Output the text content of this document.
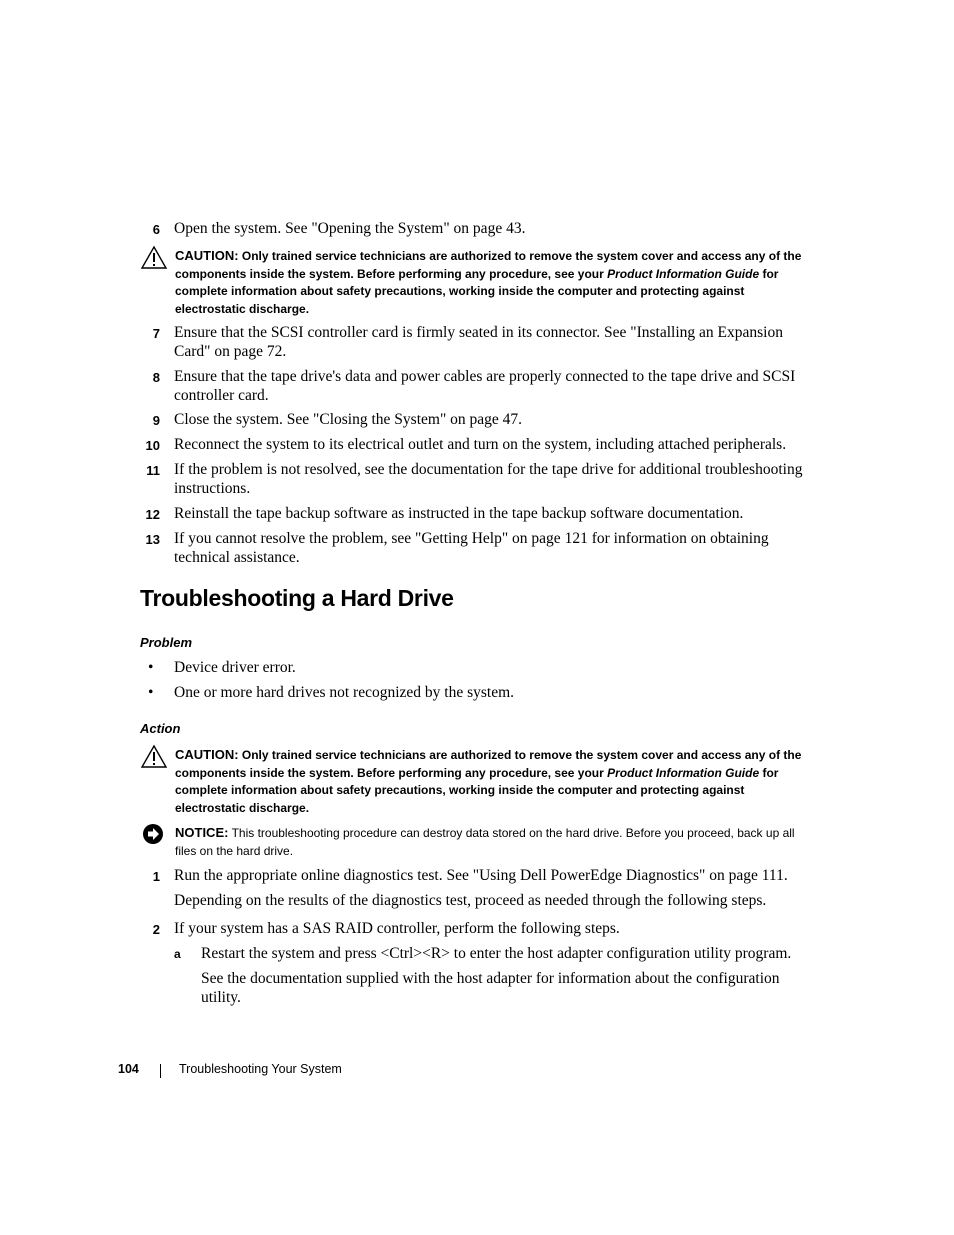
6 Open the system. See "Opening the System" on page 43.
CAUTION: Only trained service technicians are authorized to remove the system cover and access any of the components inside the system. Before performing any procedure, see your Product Information Guide for complete information about safety precautions, working inside the computer and protecting against electrostatic discharge.
7 Ensure that the SCSI controller card is firmly seated in its connector. See "Installing an Expansion Card" on page 72.
8 Ensure that the tape drive's data and power cables are properly connected to the tape drive and SCSI controller card.
9 Close the system. See "Closing the System" on page 47.
10 Reconnect the system to its electrical outlet and turn on the system, including attached peripherals.
11 If the problem is not resolved, see the documentation for the tape drive for additional troubleshooting instructions.
12 Reinstall the tape backup software as instructed in the tape backup software documentation.
13 If you cannot resolve the problem, see "Getting Help" on page 121 for information on obtaining technical assistance.
Troubleshooting a Hard Drive
Problem
• Device driver error.
• One or more hard drives not recognized by the system.
Action
CAUTION: Only trained service technicians are authorized to remove the system cover and access any of the components inside the system. Before performing any procedure, see your Product Information Guide for complete information about safety precautions, working inside the computer and protecting against electrostatic discharge.
NOTICE: This troubleshooting procedure can destroy data stored on the hard drive. Before you proceed, back up all files on the hard drive.
1 Run the appropriate online diagnostics test. See "Using Dell PowerEdge Diagnostics" on page 111.
Depending on the results of the diagnostics test, proceed as needed through the following steps.
2 If your system has a SAS RAID controller, perform the following steps.
a Restart the system and press <Ctrl><R> to enter the host adapter configuration utility program.
See the documentation supplied with the host adapter for information about the configuration utility.
104	Troubleshooting Your System
